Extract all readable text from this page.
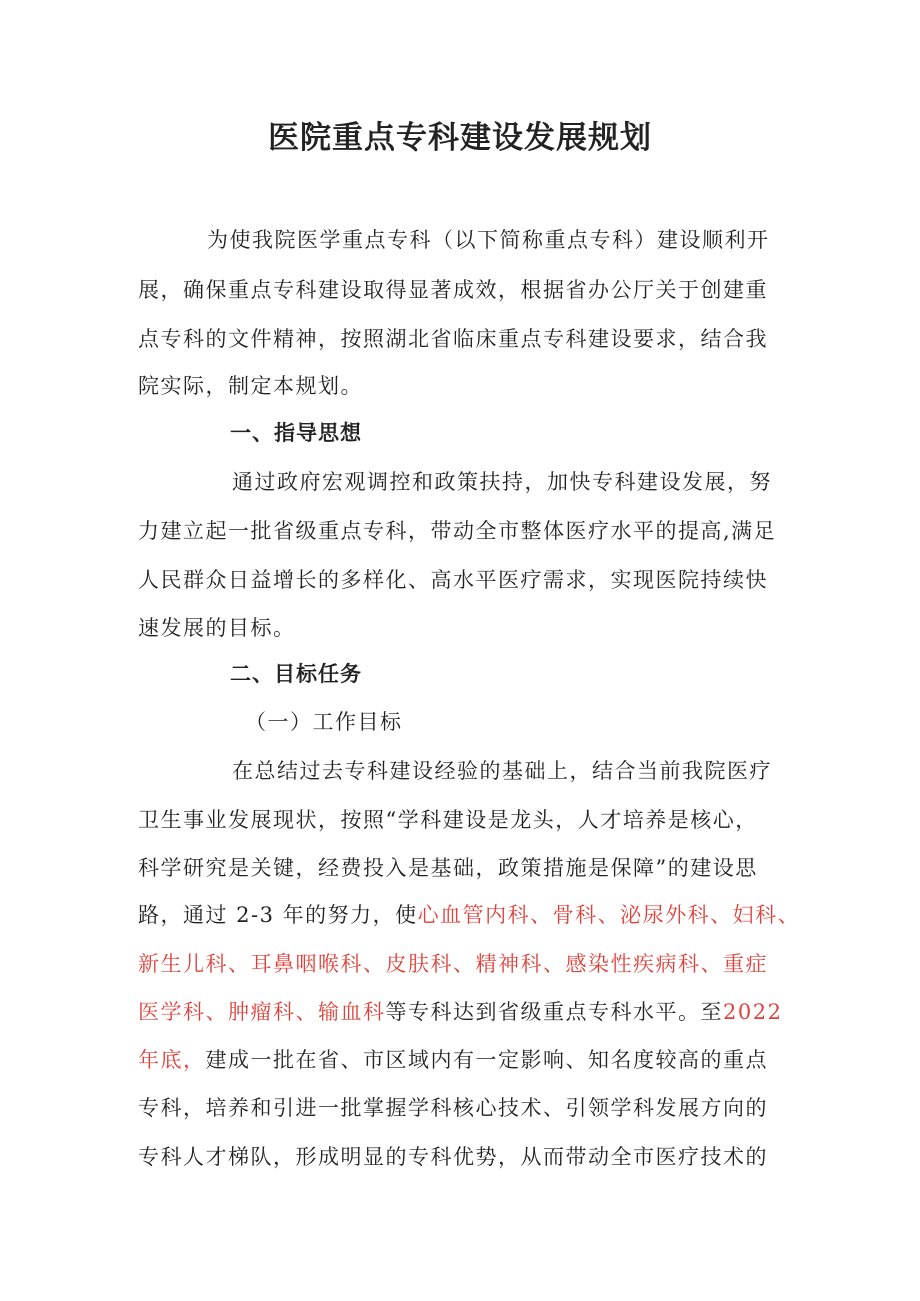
医院重点专科建设发展规划
为使我院医学重点专科（以下简称重点专科）建设顺利开
展，确保重点专科建设取得显著成效，根据省办公厅关于创建重
点专科的文件精神，按照湖北省临床重点专科建设要求，结合我
院实际，制定本规划。
一、指导思想
通过政府宏观调控和政策扶持，加快专科建设发展，努
力建立起一批省级重点专科，带动全市整体医疗水平的提高,满足
人民群众日益增长的多样化、高水平医疗需求，实现医院持续快
速发展的目标。
二、目标任务
（一）工作目标
在总结过去专科建设经验的基础上，结合当前我院医疗
卫生事业发展现状，按照“学科建设是龙头，人才培养是核心，
科学研究是关键，经费投入是基础，政策措施是保障”的建设思
路，通过 2-3 年的努力，使心血管内科、骨科、泌尿外科、妇科、
新生儿科、耳鼻咽喉科、皮肤科、精神科、感染性疾病科、重症
医学科、肿瘤科、输血科等专科达到省级重点专科水平。至2022
年底，建成一批在省、市区域内有一定影响、知名度较高的重点
专科，培养和引进一批掌握学科核心技术、引领学科发展方向的
专科人才梯队，形成明显的专科优势，从而带动全市医疗技术的
